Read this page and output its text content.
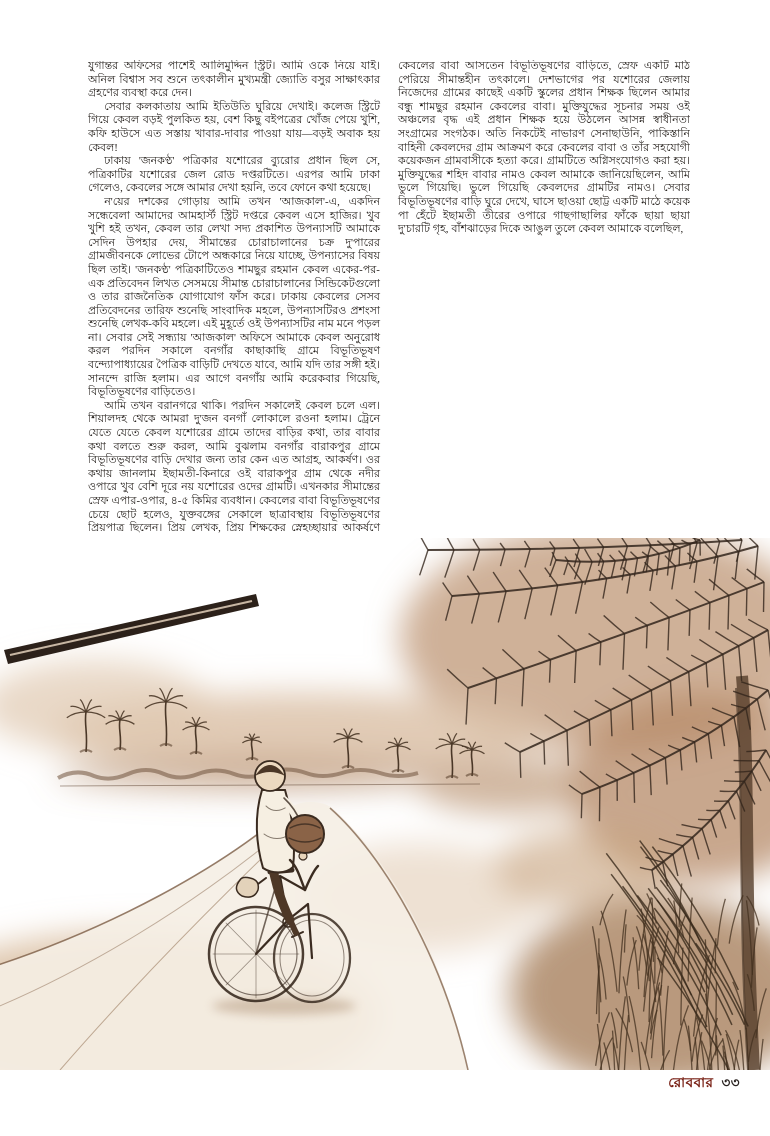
যুগান্তর অফিসের পাশেই আলিমুদ্দিন স্ট্রিট। আমি ওকে নিয়ে যাই। অনিল বিশ্বাস সব শুনে তৎকালীন মুখ্যমন্ত্রী জ্যোতি বসুর সাক্ষাৎকার গ্রহণের ব্যবস্থা করে দেন।

সেবার কলকাতায় আমি ইতিউতি ঘুরিয়ে দেখাই। কলেজ স্ট্রিটে গিয়ে কেবল বড়ই পুলকিত হয়, বেশ কিছু বইপত্রের খোঁজ পেয়ে খুশি, কফি হাউসে এত সস্তায় খাবার-দাবার পাওয়া যায়—বড়ই অবাক হয় কেবল!

ঢাকায় 'জনকণ্ঠ' পত্রিকার যশোরের ব্যুরোর প্রধান ছিল সে, পত্রিকাটির যশোরের জেল রোড দপ্তরটিতে। এরপর আমি ঢাকা গেলেও, কেবলের সঙ্গে আমার দেখা হয়নি, তবে ফোনে কথা হয়েছে।

ন'য়ের দশকের গোড়ায় আমি তখন 'আজকাল'-এ, একদিন সন্ধেবেলা আমাদের আমহার্স্ট স্ট্রিট দপ্তরে কেবল এসে হাজির। খুব খুশি হই তখন, কেবল তার লেখা সদ্য প্রকাশিত উপন্যাসটি আমাকে সেদিন উপহার দেয়, সীমান্তের চোরাচালানের চক্র দু'পারের গ্রামজীবনকে লোভের টোপে অন্ধকারে নিয়ে যাচ্ছে, উপন্যাসের বিষয় ছিল তাই। 'জনকণ্ঠ' পত্রিকাটিতেও শামছুর রহমান কেবল একের-পর-এক প্রতিবেদন লিখত সেসময়ে সীমান্ত চোরাচালানের সিন্ডিকেটগুলো ও তার রাজনৈতিক যোগাযোগ ফাঁস করে। ঢাকায় কেবলের সেসব প্রতিবেদনের তারিফ শুনেছি সাংবাদিক মহলে, উপন্যাসটিরও প্রশংসা শুনেছি লেখক-কবি মহলে। এই মুহূর্তে ওই উপন্যাসটির নাম মনে পড়ল না। সেবার সেই সন্ধ্যায় 'আজকাল' অফিসে আমাকে কেবল অনুরোধ করল পরদিন সকালে বনগাঁর কাছাকাছি গ্রামে বিভূতিভূষণ বন্দ্যোপাধ্যায়ের পৈত্রিক বাড়িটি দেখতে যাবে, আমি যদি তার সঙ্গী হই। সানন্দে রাজি হলাম। এর আগে বনগাঁয় আমি করেকবার গিয়েছি, বিভূতিভূষণের বাড়িতেও।

আমি তখন বরানগরে থাকি। পরদিন সকালেই কেবল চলে এল। শিয়ালদহ থেকে আমরা দু'জন বনগাঁ লোকালে রওনা হলাম। ট্রেনে যেতে যেতে কেবল যশোরের গ্রামে তাদের বাড়ির কথা, তার বাবার কথা বলতে শুরু করল, আমি বুঝলাম বনগাঁর বারাকপুর গ্রামে বিভূতিভূষণের বাড়ি দেখার জন্য তার কেন এত আগ্রহ, আকর্ষণ। ওর কথায় জানলাম ইছামতী-কিনারে ওই বারাকপুর গ্রাম থেকে নদীর ওপারে খুব বেশি দূরে নয় যশোরের ওদের গ্রামটি। এখনকার সীমান্তের স্রেফ এপার-ওপার, ৪-৫ কিমির ব্যবধান। কেবলের বাবা বিভূতিভূষণের চেয়ে ছোট হলেও, যুক্তবঙ্গের সেকালে ছাত্রাবস্থায় বিভূতিভূষণের প্রিয়পাত্র ছিলেন। প্রিয় লেখক, প্রিয় শিক্ষকের স্নেহচ্ছায়ার আকর্ষণে কেবলের বাবা আসতেন বিভূতিভূষণের বাড়িতে, স্রেফ একটি মাঠ পেরিয়ে সীমান্তহীন তৎকালে। দেশভাগের পর যশোরের জেলায় নিজেদের গ্রামের কাছেই একটি স্কুলের প্রধান শিক্ষক ছিলেন আমার বন্ধু শামছুর রহমান কেবলের বাবা। মুক্তিযুদ্ধের সূচনার সময় ওই অঞ্চলের বৃদ্ধ এই প্রধান শিক্ষক হয়ে উঠলেন আসন্ন স্বাধীনতা সংগ্রামের সংগঠক। অতি নিকটেই নাভারণ সেনাছাউনি, পাকিস্তানি বাহিনী কেবলদের গ্রাম আক্রমণ করে কেবলের বাবা ও তাঁর সহযোগী কয়েকজন গ্রামবাসীকে হত্যা করে। গ্রামটিতে অগ্নিসংযোগও করা হয়। মুক্তিযুদ্ধের শহিদ বাবার নামও কেবল আমাকে জানিয়েছিলেন, আমি ভুলে গিয়েছি। ভুলে গিয়েছি কেবলদের গ্রামটির নামও। সেবার বিভূতিভূষণের বাড়ি ঘুরে দেখে, ঘাসে ছাওয়া ছোট্ট একটি মাঠে কয়েক পা হেঁটে ইছামতী তীরের ওপারে গাছগাছালির ফাঁকে ছায়া ছায়া দু'চারটি গৃহ, বাঁশঝাড়ের দিকে আঙুল তুলে কেবল আমাকে বলেছিল,

রোববার ৩৩
